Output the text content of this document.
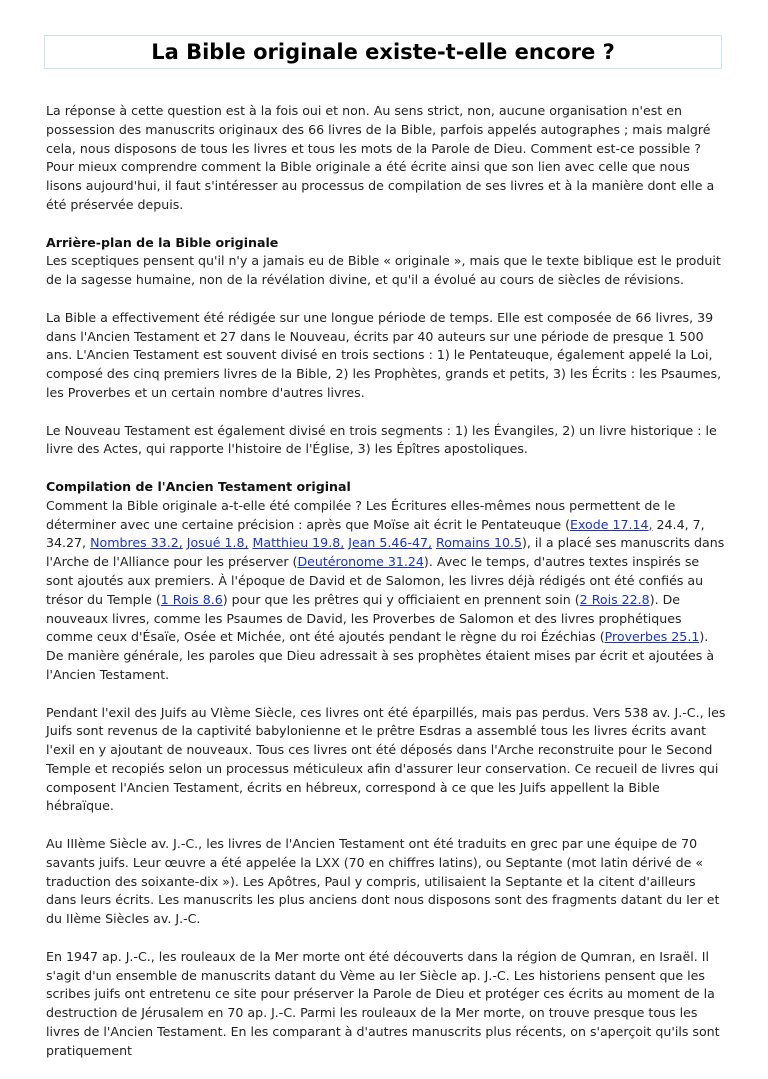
La Bible originale existe-t-elle encore ?

La réponse à cette question est à la fois oui et non. Au sens strict, non, aucune organisation n'est en possession des manuscrits originaux des 66 livres de la Bible, parfois appelés autographes ; mais malgré cela, nous disposons de tous les livres et tous les mots de la Parole de Dieu. Comment est-ce possible ? Pour mieux comprendre comment la Bible originale a été écrite ainsi que son lien avec celle que nous lisons aujourd'hui, il faut s'intéresser au processus de compilation de ses livres et à la manière dont elle a été préservée depuis.

Arrière-plan de la Bible originale

Les sceptiques pensent qu'il n'y a jamais eu de Bible « originale », mais que le texte biblique est le produit de la sagesse humaine, non de la révélation divine, et qu'il a évolué au cours de siècles de révisions.

La Bible a effectivement été rédigée sur une longue période de temps. Elle est composée de 66 livres, 39 dans l'Ancien Testament et 27 dans le Nouveau, écrits par 40 auteurs sur une période de presque 1 500 ans. L'Ancien Testament est souvent divisé en trois sections : 1) le Pentateuque, également appelé la Loi, composé des cinq premiers livres de la Bible, 2) les Prophètes, grands et petits, 3) les Écrits : les Psaumes, les Proverbes et un certain nombre d'autres livres.

Le Nouveau Testament est également divisé en trois segments : 1) les Évangiles, 2) un livre historique : le livre des Actes, qui rapporte l'histoire de l'Église, 3) les Épîtres apostoliques.

Compilation de l'Ancien Testament original

Comment la Bible originale a-t-elle été compilée ? Les Écritures elles-mêmes nous permettent de le déterminer avec une certaine précision : après que Moïse ait écrit le Pentateuque (Exode 17.14, 24.4, 7,
34.27, Nombres 33.2, Josué 1.8, Matthieu 19.8, Jean 5.46-47, Romains 10.5), il a placé ses manuscrits dans l'Arche de l'Alliance pour les préserver (Deutéronome 31.24). Avec le temps, d'autres textes inspirés se sont ajoutés aux premiers. À l'époque de David et de Salomon, les livres déjà rédigés ont été confiés au trésor du Temple (1 Rois 8.6) pour que les prêtres qui y officiaient en prennent soin (2 Rois 22.8). De nouveaux livres, comme les Psaumes de David, les Proverbes de Salomon et des livres prophétiques comme ceux d'Ésaïe, Osée et Michée, ont été ajoutés pendant le règne du roi Ézéchias (Proverbes 25.1). De manière générale, les paroles que Dieu adressait à ses prophètes étaient mises par écrit et ajoutées à l'Ancien Testament.

Pendant l'exil des Juifs au VIème Siècle, ces livres ont été éparpillés, mais pas perdus. Vers 538 av. J.-C., les Juifs sont revenus de la captivité babylonienne et le prêtre Esdras a assemblé tous les livres écrits avant l'exil en y ajoutant de nouveaux. Tous ces livres ont été déposés dans l'Arche reconstruite pour le Second Temple et recopiés selon un processus méticuleux afin d'assurer leur conservation. Ce recueil de livres qui composent l'Ancien Testament, écrits en hébreux, correspond à ce que les Juifs appellent la Bible hébraïque.

Au IIIème Siècle av. J.-C., les livres de l'Ancien Testament ont été traduits en grec par une équipe de 70 savants juifs. Leur œuvre a été appelée la LXX (70 en chiffres latins), ou Septante (mot latin dérivé de « traduction des soixante-dix »). Les Apôtres, Paul y compris, utilisaient la Septante et la citent d'ailleurs dans leurs écrits. Les manuscrits les plus anciens dont nous disposons sont des fragments datant du Ier et du IIème Siècles av. J.-C.

En 1947 ap. J.-C., les rouleaux de la Mer morte ont été découverts dans la région de Qumran, en Israël. Il s'agit d'un ensemble de manuscrits datant du Vème au Ier Siècle ap. J.-C. Les historiens pensent que les scribes juifs ont entretenu ce site pour préserver la Parole de Dieu et protéger ces écrits au moment de la destruction de Jérusalem en 70 ap. J.-C. Parmi les rouleaux de la Mer morte, on trouve presque tous les livres de l'Ancien Testament. En les comparant à d'autres manuscrits plus récents, on s'aperçoit qu'ils sont pratiquement
